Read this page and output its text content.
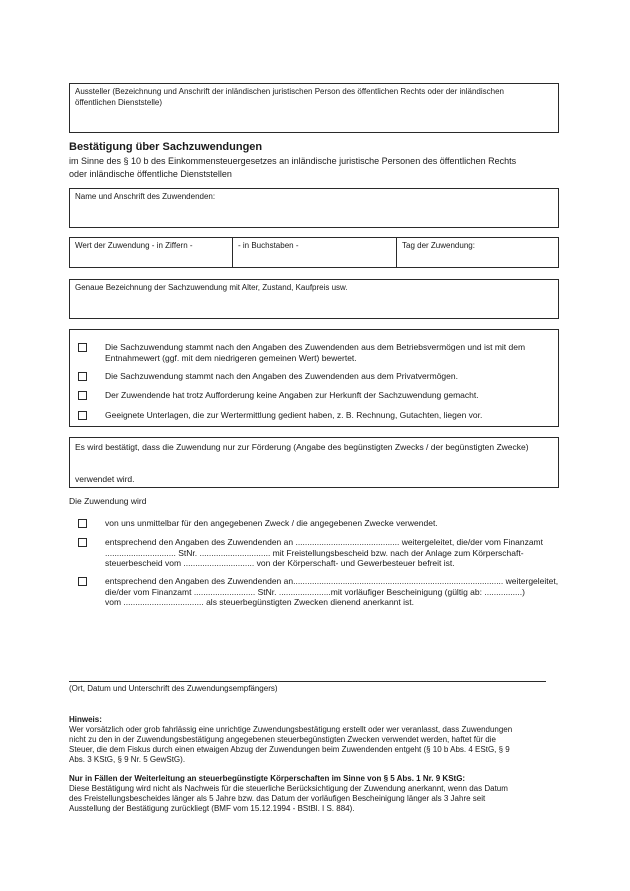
Aussteller (Bezeichnung und Anschrift der inländischen juristischen Person des öffentlichen Rechts oder der inländischen
öffentlichen Dienststelle)
Bestätigung über Sachzuwendungen
im Sinne des § 10 b des Einkommensteuergesetzes an inländische juristische Personen des öffentlichen Rechts
oder inländische öffentliche Dienststellen
Name und Anschrift des Zuwendenden:
Wert der Zuwendung - in Ziffern -	- in Buchstaben -	Tag der Zuwendung:
Genaue Bezeichnung der Sachzuwendung mit Alter, Zustand, Kaufpreis usw.
Die Sachzuwendung stammt nach den Angaben des Zuwendenden aus dem Betriebsvermögen und ist mit dem
Entnahmewert (ggf. mit dem niedrigeren gemeinen Wert) bewertet.
Die Sachzuwendung stammt nach den Angaben des Zuwendenden aus dem Privatvermögen.
Der Zuwendende hat trotz Aufforderung keine Angaben zur Herkunft der Sachzuwendung gemacht.
Geeignete Unterlagen, die zur Wertermittlung gedient haben, z. B. Rechnung, Gutachten, liegen vor.
Es wird bestätigt, dass die Zuwendung nur zur Förderung (Angabe des begünstigten Zwecks / der begünstigten Zwecke)
verwendet wird.
Die Zuwendung wird
von uns unmittelbar für den angegebenen Zweck / die angegebenen Zwecke verwendet.
entsprechend den Angaben des Zuwendenden an ............................................ weitergeleitet, die/der vom Finanzamt
.............................. StNr. .............................. mit Freistellungsbescheid bzw. nach der Anlage zum Körperschaft-
steuerbescheid vom .............................. von der Körperschaft- und Gewerbesteuer befreit ist.
entsprechend den Angaben des Zuwendenden an......................................................................................... weitergeleitet,
die/der vom Finanzamt .......................... StNr. ......................mit vorläufiger Bescheinigung (gültig ab: ................)
vom .................................. als steuerbegünstigten Zwecken dienend anerkannt ist.
(Ort, Datum und Unterschrift des Zuwendungsempfängers)
Hinweis:
Wer vorsätzlich oder grob fahrlässig eine unrichtige Zuwendungsbestätigung erstellt oder wer veranlasst, dass Zuwendungen
nicht zu den in der Zuwendungsbestätigung angegebenen steuerbegünstigten Zwecken verwendet werden, haftet für die
Steuer, die dem Fiskus durch einen etwaigen Abzug der Zuwendungen beim Zuwendenden entgeht (§ 10 b Abs. 4 EStG, § 9
Abs. 3 KStG, § 9 Nr. 5 GewStG).
Nur in Fällen der Weiterleitung an steuerbegünstigte Körperschaften im Sinne von § 5 Abs. 1 Nr. 9 KStG:
Diese Bestätigung wird nicht als Nachweis für die steuerliche Berücksichtigung der Zuwendung anerkannt, wenn das Datum
des Freistellungsbescheides länger als 5 Jahre bzw. das Datum der vorläufigen Bescheinigung länger als 3 Jahre seit
Ausstellung der Bestätigung zurückliegt (BMF vom 15.12.1994 - BStBl. I S. 884).
